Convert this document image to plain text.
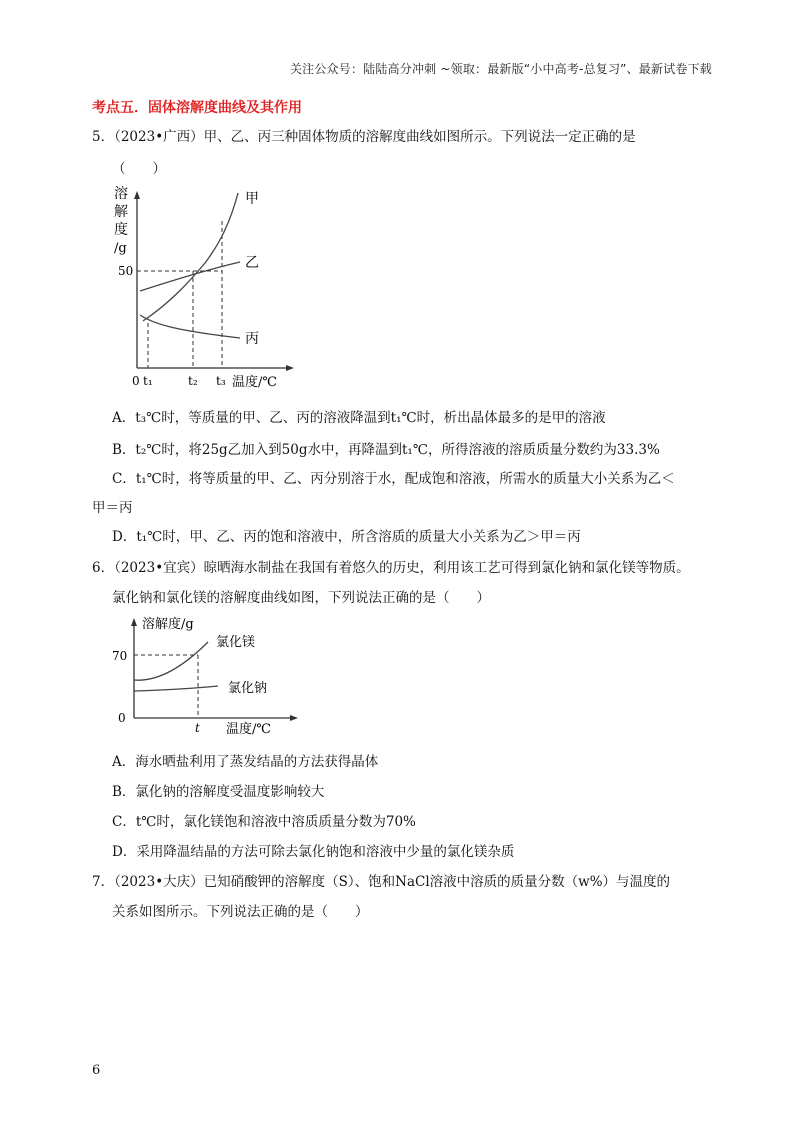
关注公众号：陆陆高分冲刺 ~领取：最新版“小中高考-总复习”、最新试卷下载
考点五．固体溶解度曲线及其作用
5．（2023•广西）甲、乙、丙三种固体物质的溶解度曲线如图所示。下列说法一定正确的是
（　　）
溶
解
度
/g
50
甲
乙
丙
0 t₁	t₂ t₃ 温度/℃
A．t₃℃时，等质量的甲、乙、丙的溶液降温到t₁℃时，析出晶体最多的是甲的溶液
B．t₂℃时，将25g乙加入到50g水中，再降温到t₁℃，所得溶液的溶质质量分数约为33.3%
C．t₁℃时，将等质量的甲、乙、丙分别溶于水，配成饱和溶液，所需水的质量大小关系为乙＜
甲＝丙
D．t₁℃时，甲、乙、丙的饱和溶液中，所含溶质的质量大小关系为乙＞甲＝丙
6．（2023•宜宾）晾晒海水制盐在我国有着悠久的历史，利用该工艺可得到氯化钠和氯化镁等物质。
氯化钠和氯化镁的溶解度曲线如图，下列说法正确的是（　　）
溶解度/g
70
氯化镁
氯化钠
0
t 温度/℃
A．海水晒盐利用了蒸发结晶的方法获得晶体
B．氯化钠的溶解度受温度影响较大
C．t℃时，氯化镁饱和溶液中溶质质量分数为70%
D．采用降温结晶的方法可除去氯化钠饱和溶液中少量的氯化镁杂质
7．（2023•大庆）已知硝酸钾的溶解度（S）、饱和NaCl溶液中溶质的质量分数（w%）与温度的
关系如图所示。下列说法正确的是（　　）
6
